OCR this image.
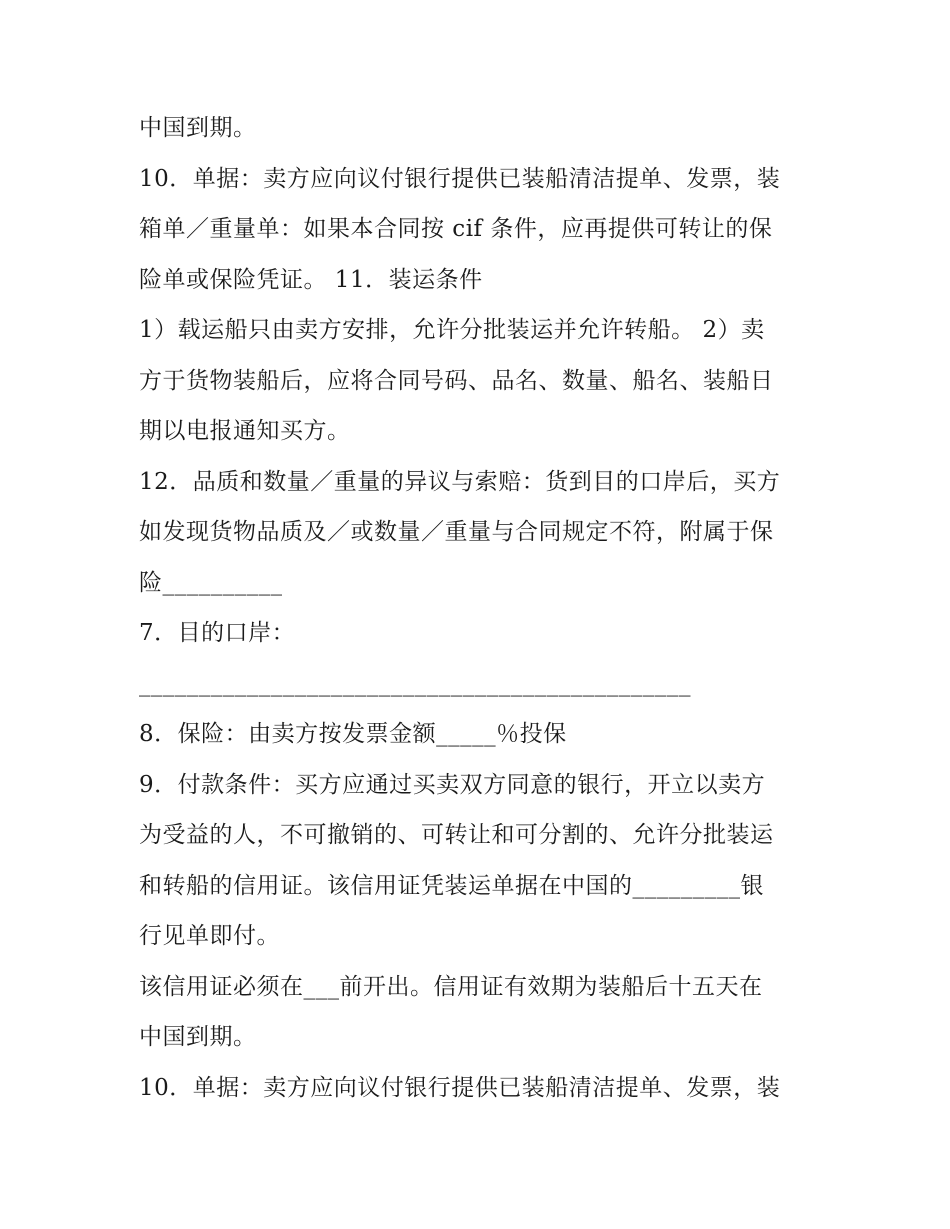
中国到期。
10．单据：卖方应向议付银行提供已装船清洁提单、发票，装
箱单／重量单：如果本合同按 cif 条件，应再提供可转让的保
险单或保险凭证。 11．装运条件
1）载运船只由卖方安排，允许分批装运并允许转船。 2）卖
方于货物装船后，应将合同号码、品名、数量、船名、装船日
期以电报通知买方。
12．品质和数量／重量的异议与索赔：货到目的口岸后，买方
如发现货物品质及／或数量／重量与合同规定不符，附属于保
险__________
7．目的口岸：
______________________________________________
8．保险：由卖方按发票金额_____％投保
9．付款条件：买方应通过买卖双方同意的银行，开立以卖方
为受益的人，不可撤销的、可转让和可分割的、允许分批装运
和转船的信用证。该信用证凭装运单据在中国的_________银
行见单即付。
该信用证必须在___前开出。信用证有效期为装船后十五天在
中国到期。
10．单据：卖方应向议付银行提供已装船清洁提单、发票，装
